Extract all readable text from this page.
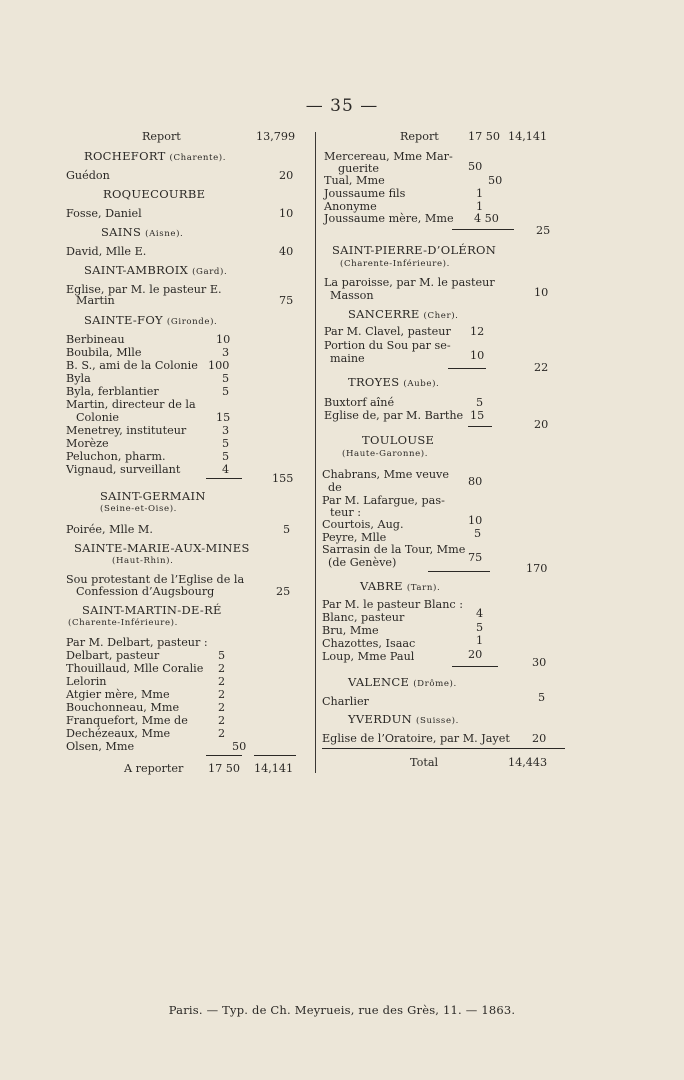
— 35 —
Report	13,799
ROCHEFORT (Charente).
Guédon	20
ROQUECOURBE
Fosse, Daniel	10
SAINS (Aisne).
David, Mlle E.	40
SAINT-AMBROIX (Gard).
Eglise, par M. le pasteur E.
Martin	75
SAINTE-FOY (Gironde).
Berbineau	10
Boubila, Mlle	3
B. S., ami de la Colonie 100
Byla	5
Byla, ferblantier	5
Martin, directeur de la
Colonie	15
Menetrey, instituteur	3
Morèze	5
Peluchon, pharm.	5
Vignaud, surveillant	4
155
SAINT-GERMAIN
(Seine-et-Oise).
Poirée, Mlle M.	5
SAINTE-MARIE-AUX-MINES
(Haut-Rhin).
Sou protestant de l’Eglise de la
Confession d’Augsbourg	25
SAINT-MARTIN-DE-RÉ
(Charente-Inférieure).
Par M. Delbart, pasteur :
Delbart, pasteur	5
Thouillaud, Mlle Coralie 2
Lelorin	2
Atgier mère, Mme	2
Bouchonneau, Mme	2
Franquefort, Mme de	2
Dechézeaux, Mme	2
Olsen, Mme	50
A reporter 17 50 14,141
Report	17 50 14,141
Mercereau, Mme Mar-
guerite	50
Tual, Mme	50
Joussaume fils	1
Anonyme	1
Joussaume mère, Mme 4 50
25
SAINT-PIERRE-D’OLÉRON
(Charente-Inférieure).
La paroisse, par M. le pasteur
Masson	10
SANCERRE (Cher).
Par M. Clavel, pasteur 12
Portion du Sou par se-
maine	10
22
TROYES (Aube).
Buxtorf aîné	5
Eglise de, par M. Barthe 15
20
TOULOUSE
(Haute-Garonne).
Chabrans, Mme veuve
de	80
Par M. Lafargue, pas-
teur :
Courtois, Aug.	10
Peyre, Mlle	5
Sarrasin de la Tour, Mme
(de Genève)	75
170
VABRE (Tarn).
Par M. le pasteur Blanc :
Blanc, pasteur	4
Bru, Mme	5
Chazottes, Isaac	1
Loup, Mme Paul	20
30
VALENCE (Drôme).
Charlier	5
YVERDUN (Suisse).
Eglise de l’Oratoire, par M. Jayet 20
Total	14,443
Paris. — Typ. de Ch. Meyrueis, rue des Grès, 11. — 1863.
